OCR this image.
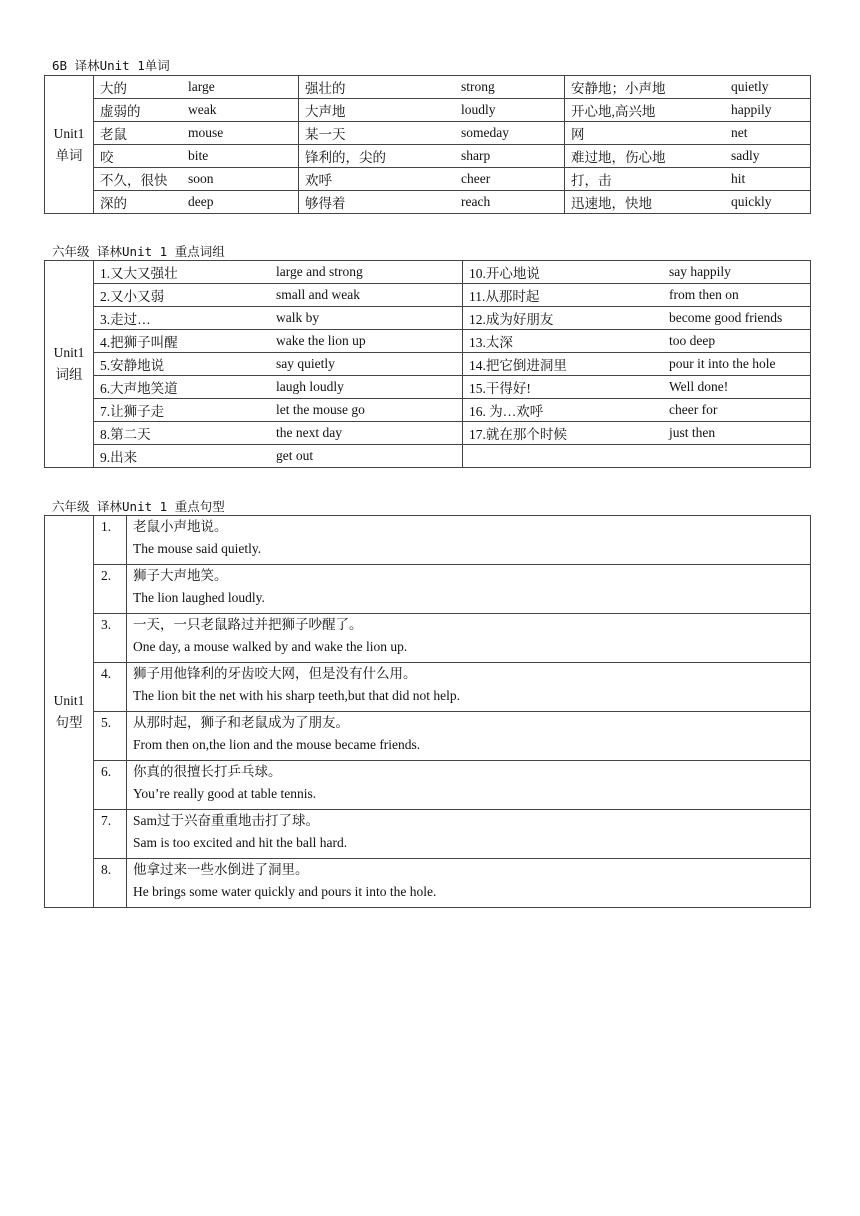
6B 译林Unit 1单词
Unit1
单词	大的 large	强壮的 strong	安静地；小声地 quietly

	虚弱的 weak	大声地 loudly	开心地,高兴地 happily

	老鼠 mouse	某一天 someday	网 net

	咬 bite	锋利的，尖的 sharp	难过地，伤心地 sadly

	不久，很快 soon	欢呼 cheer	打，击 hit

	深的 deep	够得着 reach	迅速地，快地 quickly
六年级 译林Unit 1 重点词组
Unit1
词组	1.又大又强壮 large and strong	10.开心地说 say happily

	2.又小又弱 small and weak	11.从那时起 from then on

	3.走过… walk by	12.成为好朋友 become good friends

	4.把狮子叫醒 wake the lion up	13.太深 too deep

	5.安静地说 say quietly	14.把它倒进洞里 pour it into the hole

	6.大声地笑道 laugh loudly	15.干得好! Well done!

	7.让狮子走 let the mouse go	16. 为…欢呼 cheer for

	8.第二天 the next day	17.就在那个时候 just then

	9.出来 get out	

六年级 译林Unit 1 重点句型
Unit1
句型	1.	老鼠小声地说。
The mouse said quietly.

	2.	狮子大声地笑。
The lion laughed loudly.

	3.	一天，一只老鼠路过并把狮子吵醒了。
One day, a mouse walked by and wake the lion up.

	4.	狮子用他锋利的牙齿咬大网，但是没有什么用。
The lion bit the net with his sharp teeth,but that did not help.

	5.	从那时起，狮子和老鼠成为了朋友。
From then on,the lion and the mouse became friends.

	6.	你真的很擅长打乒乓球。
You’re really good at table tennis.

	7.	Sam过于兴奋重重地击打了球。
Sam is too excited and hit the ball hard.

	8.	他拿过来一些水倒进了洞里。
He brings some water quickly and pours it into the hole.
